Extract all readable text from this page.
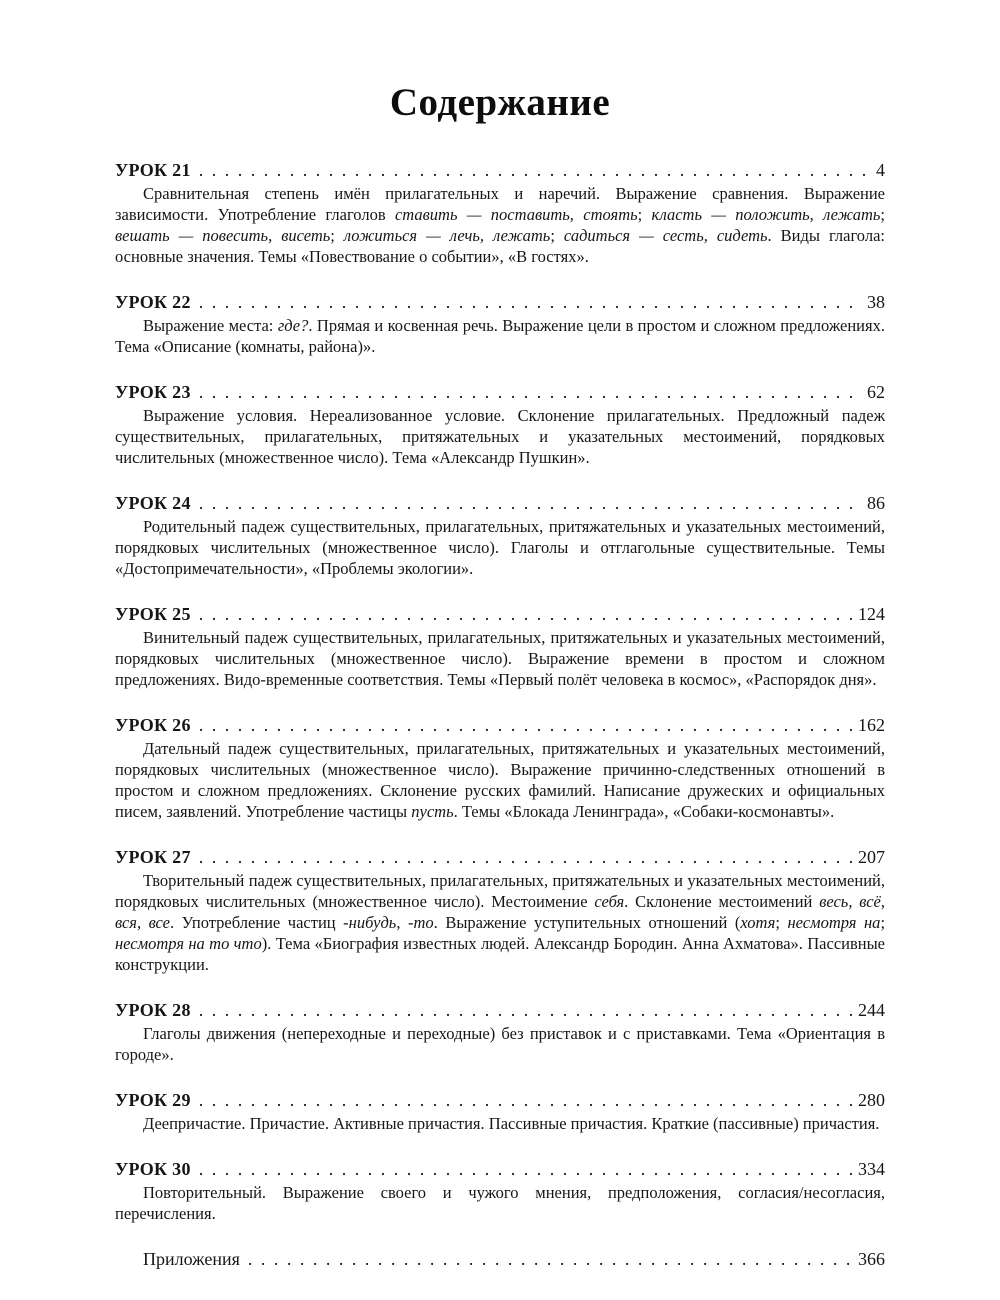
Содержание
УРОК 21 . . .	4

Сравнительная степень имён прилагательных и наречий. Выражение сравнения. Выражение зависимости. Употребление глаголов ставить — поставить, стоять; класть — положить, лежать; вешать — повесить, висеть; ложиться — лечь, лежать; садиться — сесть, сидеть. Виды глагола: основные значения. Темы «Повествование о событии», «В гостях».

УРОК 22 . . .	38

Выражение места: где?. Прямая и косвенная речь. Выражение цели в простом и сложном предложениях. Тема «Описание (комнаты, района)».

УРОК 23 . . .	62

Выражение условия. Нереализованное условие. Склонение прилагательных. Предложный падеж существительных, прилагательных, притяжательных и указательных местоимений, порядковых числительных (множественное число). Тема «Александр Пушкин».

УРОК 24 . . .	86

Родительный падеж существительных, прилагательных, притяжательных и указательных местоимений, порядковых числительных (множественное число). Глаголы и отглагольные существительные. Темы «Достопримечательности», «Проблемы экологии».

УРОК 25 . . .	124

Винительный падеж существительных, прилагательных, притяжательных и указательных местоимений, порядковых числительных (множественное число). Выражение времени в простом и сложном предложениях. Видо-временные соответствия. Темы «Первый полёт человека в космос», «Распорядок дня».

УРОК 26 . . .	162

Дательный падеж существительных, прилагательных, притяжательных и указательных местоимений, порядковых числительных (множественное число). Выражение причинно-следственных отношений в простом и сложном предложениях. Склонение русских фамилий. Написание дружеских и официальных писем, заявлений. Употребление частицы пусть. Темы «Блокада Ленинграда», «Собаки-космонавты».

УРОК 27 . . .	207

Творительный падеж существительных, прилагательных, притяжательных и указательных местоимений, порядковых числительных (множественное число). Местоимение себя. Склонение местоимений весь, всё, вся, все. Употребление частиц -нибудь, -то. Выражение уступительных отношений (хотя; несмотря на; несмотря на то что). Тема «Биография известных людей. Александр Бородин. Анна Ахматова». Пассивные конструкции.

УРОК 28 . . .	244

Глаголы движения (непереходные и переходные) без приставок и с приставками. Тема «Ориентация в городе».

УРОК 29 . . .	280

Деепричастие. Причастие. Активные причастия. Пассивные причастия. Краткие (пассивные) причастия.

УРОК 30 . . .	334

Повторительный. Выражение своего и чужого мнения, предположения, согласия/несогласия, перечисления.

Приложения . . .	366
